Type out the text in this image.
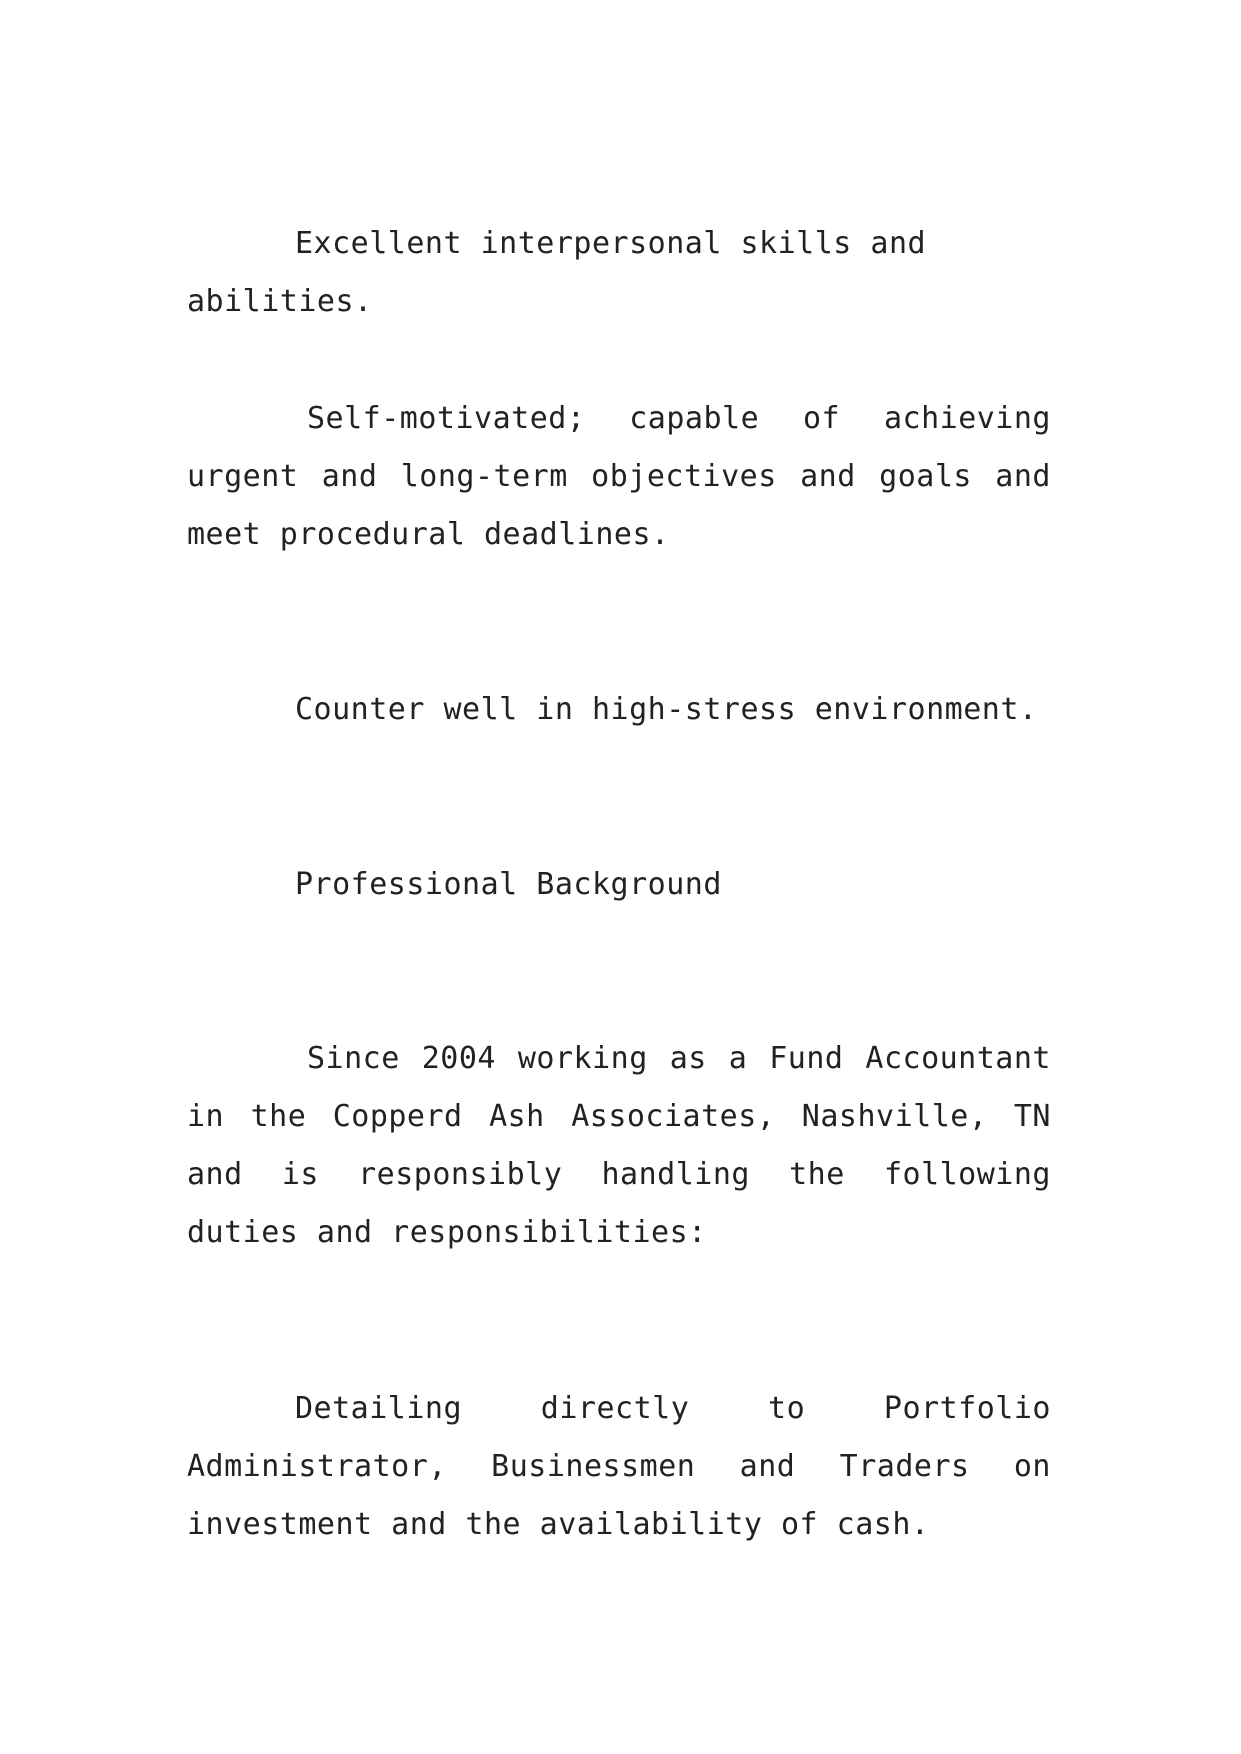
Excellent interpersonal skills and abilities.

Self-motivated; capable of achieving urgent and long-term objectives and goals and meet procedural deadlines.

Counter well in high-stress environment.

Professional Background

Since 2004 working as a Fund Accountant in the Copperd Ash Associates, Nashville, TN and is responsibly handling the following duties and responsibilities:

Detailing directly to Portfolio Administrator, Businessmen and Traders on investment and the availability of cash.
